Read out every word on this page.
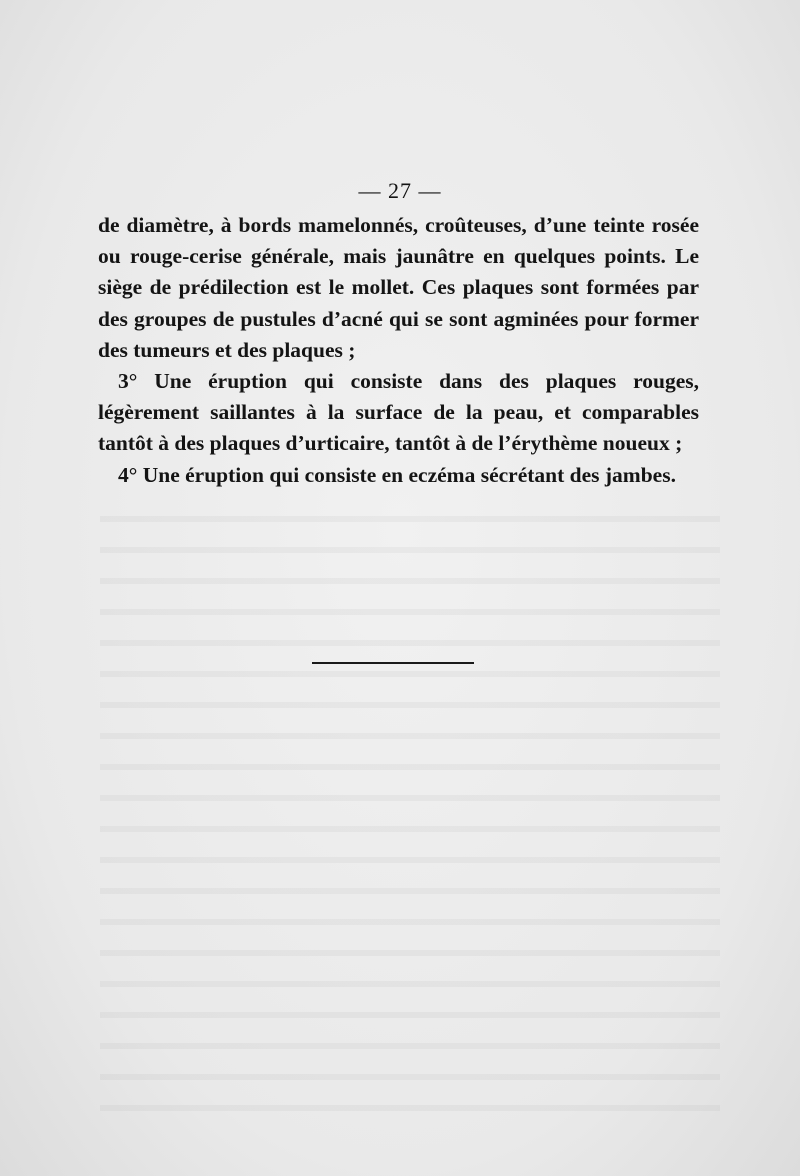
— 27 —

de diamètre, à bords mamelonnés, croûteuses, d’une teinte rosée ou rouge-cerise générale, mais jaunâtre en quelques points. Le siège de prédilection est le mollet. Ces plaques sont formées par des groupes de pustules d’acné qui se sont agminées pour former des tumeurs et des plaques ;

3° Une éruption qui consiste dans des plaques rouges, légèrement saillantes à la surface de la peau, et comparables tantôt à des plaques d’urticaire, tantôt à de l’érythème noueux ;

4° Une éruption qui consiste en eczéma sécrétant des jambes.
